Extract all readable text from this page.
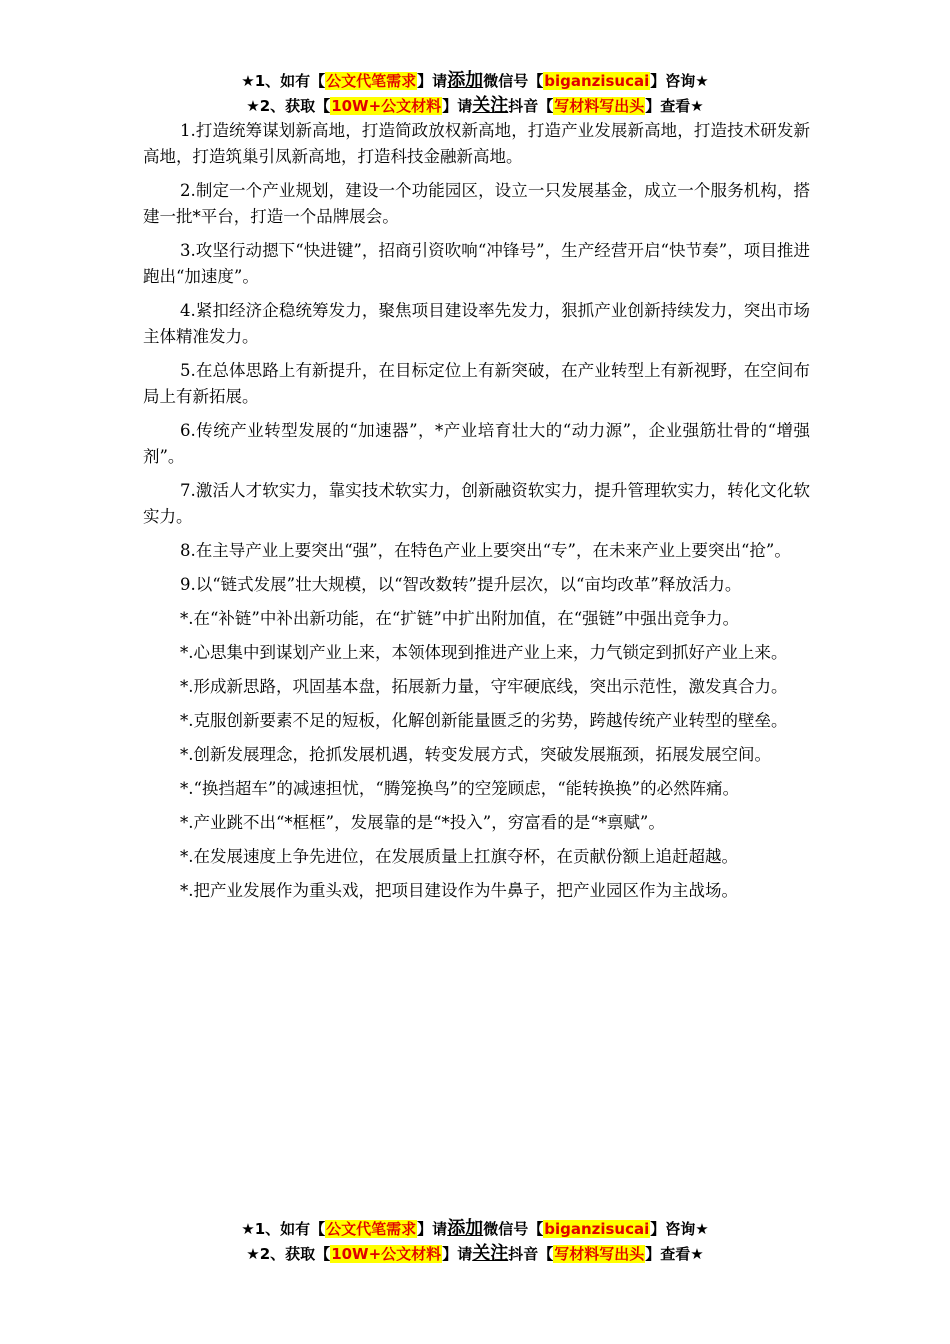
★1、如有【公文代笔需求】请添加微信号【biganzisucai】咨询★
★2、获取【10W+公文材料】请关注抖音【写材料写出头】查看★

1.打造统筹谋划新高地，打造简政放权新高地，打造产业发展新高地，打造技术研发新高地，打造筑巢引凤新高地，打造科技金融新高地。

2.制定一个产业规划，建设一个功能园区，设立一只发展基金，成立一个服务机构，搭建一批*平台，打造一个品牌展会。

3.攻坚行动摁下“快进键”，招商引资吹响“冲锋号”，生产经营开启“快节奏”，项目推进跑出“加速度”。

4.紧扣经济企稳统筹发力，聚焦项目建设率先发力，狠抓产业创新持续发力，突出市场主体精准发力。

5.在总体思路上有新提升，在目标定位上有新突破，在产业转型上有新视野，在空间布局上有新拓展。

6.传统产业转型发展的“加速器”，*产业培育壮大的“动力源”，企业强筋壮骨的“增强剂”。

7.激活人才软实力，靠实技术软实力，创新融资软实力，提升管理软实力，转化文化软实力。

8.在主导产业上要突出“强”，在特色产业上要突出“专”，在未来产业上要突出“抢”。

9.以“链式发展”壮大规模，以“智改数转”提升层次，以“亩均改革”释放活力。

*.在“补链”中补出新功能，在“扩链”中扩出附加值，在“强链”中强出竞争力。

*.心思集中到谋划产业上来，本领体现到推进产业上来，力气锁定到抓好产业上来。

*.形成新思路，巩固基本盘，拓展新力量，守牢硬底线，突出示范性，激发真合力。

*.克服创新要素不足的短板，化解创新能量匮乏的劣势，跨越传统产业转型的壁垒。

*.创新发展理念，抢抓发展机遇，转变发展方式，突破发展瓶颈，拓展发展空间。

*.“换挡超车”的减速担忧，“腾笼换鸟”的空笼顾虑，“能转换换”的必然阵痛。

*.产业跳不出“*框框”，发展靠的是“*投入”，穷富看的是“*禀赋”。

*.在发展速度上争先进位，在发展质量上扛旗夺杯，在贡献份额上追赶超越。

*.把产业发展作为重头戏，把项目建设作为牛鼻子，把产业园区作为主战场。

★1、如有【公文代笔需求】请添加微信号【biganzisucai】咨询★
★2、获取【10W+公文材料】请关注抖音【写材料写出头】查看★
